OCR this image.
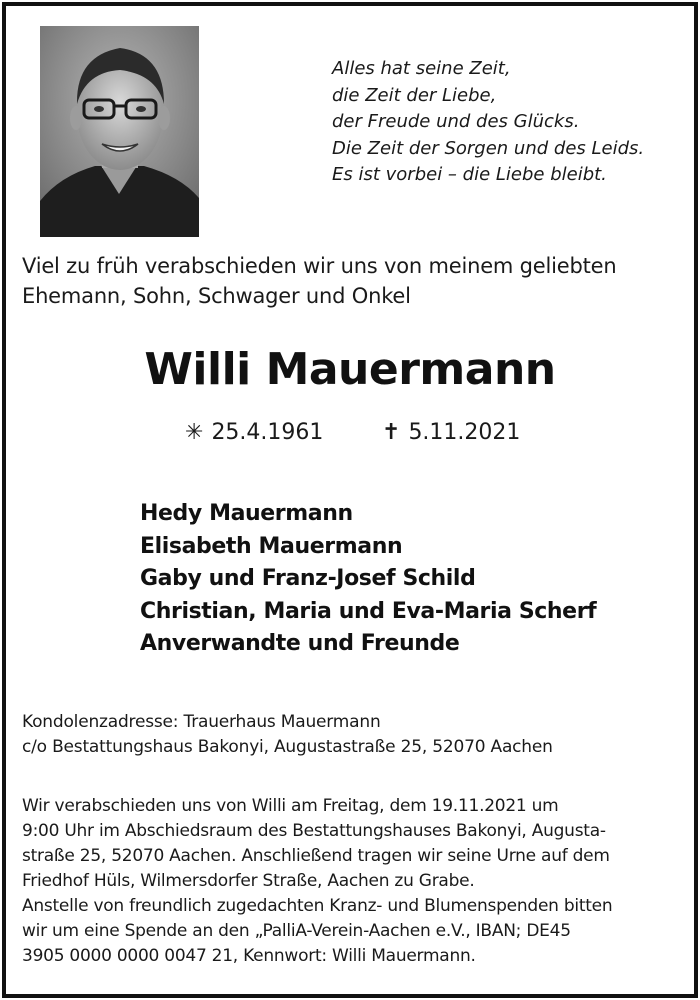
Alles hat seine Zeit,
die Zeit der Liebe,
der Freude und des Glücks.
Die Zeit der Sorgen und des Leids.
Es ist vorbei – die Liebe bleibt.
Viel zu früh verabschieden wir uns von meinem geliebten
Ehemann, Sohn, Schwager und Onkel
Willi Mauermann
✳ 25.4.1961	✝ 5.11.2021
Hedy Mauermann
Elisabeth Mauermann
Gaby und Franz-Josef Schild
Christian, Maria und Eva-Maria Scherf
Anverwandte und Freunde
Kondolenzadresse: Trauerhaus Mauermann
c/o Bestattungshaus Bakonyi, Augustastraße 25, 52070 Aachen
Wir verabschieden uns von Willi am Freitag, dem 19.11.2021 um
9:00 Uhr im Abschiedsraum des Bestattungshauses Bakonyi, Augusta-
straße 25, 52070 Aachen. Anschließend tragen wir seine Urne auf dem
Friedhof Hüls, Wilmersdorfer Straße, Aachen zu Grabe.
Anstelle von freundlich zugedachten Kranz- und Blumenspenden bitten
wir um eine Spende an den „PalliA-Verein-Aachen e.V., IBAN; DE45
3905 0000 0000 0047 21, Kennwort: Willi Mauermann.
